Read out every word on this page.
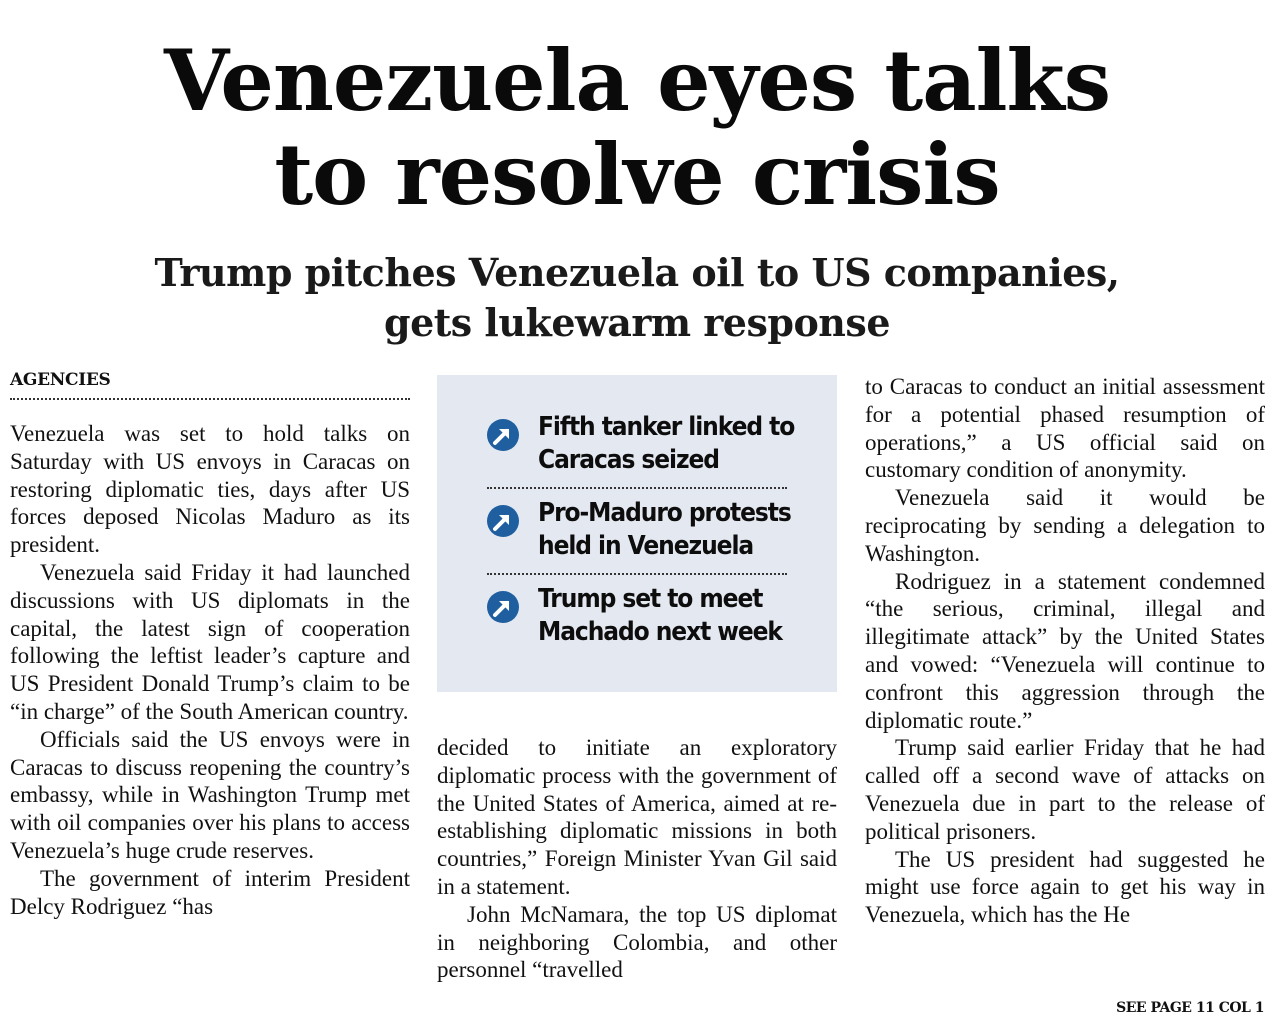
Venezuela eyes talks
to resolve crisis
Trump pitches Venezuela oil to US companies,
gets lukewarm response
AGENCIES

Venezuela was set to hold talks on Saturday with US envoys in Caracas on restoring diplomatic ties, days after US forces deposed Nicolas Maduro as its president.

Venezuela said Friday it had launched discussions with US diplomats in the capital, the latest sign of cooperation following the leftist leader’s capture and US President Donald Trump’s claim to be “in charge” of the South American country.

Officials said the US envoys were in Caracas to discuss reopening the country’s embassy, while in Washington Trump met with oil companies over his plans to access Venezuela’s huge crude reserves.

The government of interim President Delcy Rodriguez “has

Fifth tanker linked to
Caracas seized
Pro-Maduro protests
held in Venezuela
Trump set to meet
Machado next week

decided to initiate an exploratory diplomatic process with the government of the United States of America, aimed at re-establishing diplomatic missions in both countries,” Foreign Minister Yvan Gil said in a statement.

John McNamara, the top US diplomat in neighboring Colombia, and other personnel “travelled

to Caracas to conduct an initial assessment for a potential phased resumption of operations,” a US official said on customary condition of anonymity.

Venezuela said it would be reciprocating by sending a delegation to Washington.

Rodriguez in a statement condemned “the serious, criminal, illegal and illegitimate attack” by the United States and vowed: “Venezuela will continue to confront this aggression through the diplomatic route.”

Trump said earlier Friday that he had called off a second wave of attacks on Venezuela due in part to the release of political prisoners.

The US president had suggested he might use force again to get his way in Venezuela, which has the He

SEE PAGE 11 COL 1
